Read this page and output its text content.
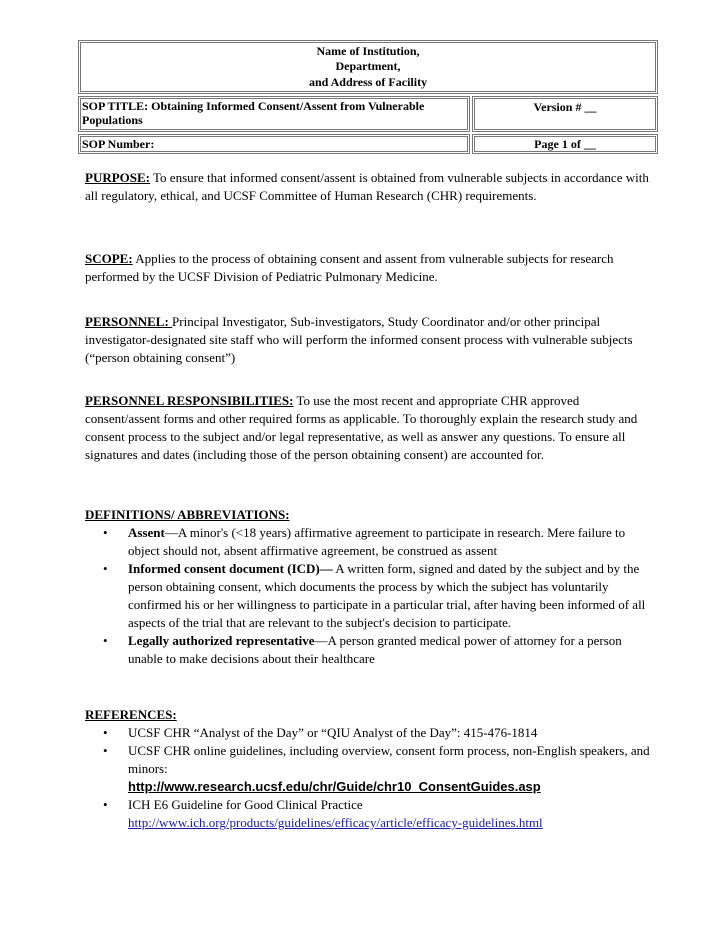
Name of Institution,
Department,
and Address of Facility
SOP TITLE: Obtaining Informed Consent/Assent from Vulnerable Populations
Version # __
SOP Number:	Page 1 of __

PURPOSE: To ensure that informed consent/assent is obtained from vulnerable subjects in accordance with all regulatory, ethical, and UCSF Committee of Human Research (CHR) requirements.

SCOPE: Applies to the process of obtaining consent and assent from vulnerable subjects for research performed by the UCSF Division of Pediatric Pulmonary Medicine.

PERSONNEL: Principal Investigator, Sub-investigators, Study Coordinator and/or other principal investigator-designated site staff who will perform the informed consent process with vulnerable subjects (“person obtaining consent”)

PERSONNEL RESPONSIBILITIES: To use the most recent and appropriate CHR approved consent/assent forms and other required forms as applicable. To thoroughly explain the research study and consent process to the subject and/or legal representative, as well as answer any questions. To ensure all signatures and dates (including those of the person obtaining consent) are accounted for.

DEFINITIONS/ ABBREVIATIONS:
• Assent—A minor's (<18 years) affirmative agreement to participate in research. Mere failure to object should not, absent affirmative agreement, be construed as assent
• Informed consent document (ICD)— A written form, signed and dated by the subject and by the person obtaining consent, which documents the process by which the subject has voluntarily confirmed his or her willingness to participate in a particular trial, after having been informed of all aspects of the trial that are relevant to the subject's decision to participate.
• Legally authorized representative—A person granted medical power of attorney for a person unable to make decisions about their healthcare
REFERENCES:
• UCSF CHR “Analyst of the Day” or “QIU Analyst of the Day”: 415-476-1814
• UCSF CHR online guidelines, including overview, consent form process, non-English speakers, and minors:
http://www.research.ucsf.edu/chr/Guide/chr10_ConsentGuides.asp
• ICH E6 Guideline for Good Clinical Practice
http://www.ich.org/products/guidelines/efficacy/article/efficacy-guidelines.html
